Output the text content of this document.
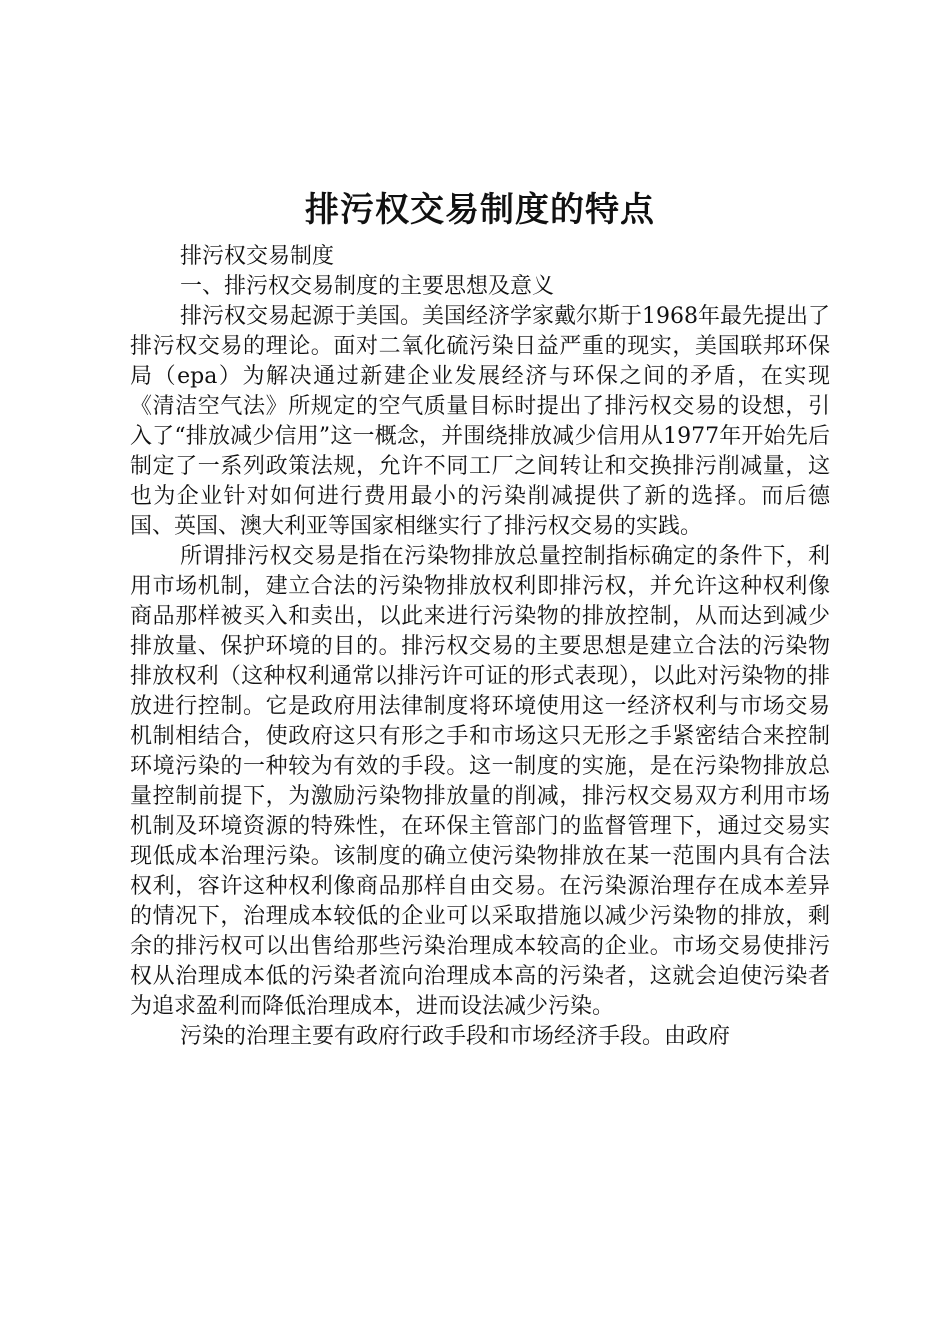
排污权交易制度的特点

排污权交易制度

一、排污权交易制度的主要思想及意义

排污权交易起源于美国。美国经济学家戴尔斯于1968年最先提出了排污权交易的理论。面对二氧化硫污染日益严重的现实，美国联邦环保局（epa）为解决通过新建企业发展经济与环保之间的矛盾，在实现《清洁空气法》所规定的空气质量目标时提出了排污权交易的设想，引入了“排放减少信用”这一概念，并围绕排放减少信用从1977年开始先后制定了一系列政策法规，允许不同工厂之间转让和交换排污削减量，这也为企业针对如何进行费用最小的污染削减提供了新的选择。而后德国、英国、澳大利亚等国家相继实行了排污权交易的实践。

所谓排污权交易是指在污染物排放总量控制指标确定的条件下，利用市场机制，建立合法的污染物排放权利即排污权，并允许这种权利像商品那样被买入和卖出，以此来进行污染物的排放控制，从而达到减少排放量、保护环境的目的。排污权交易的主要思想是建立合法的污染物排放权利（这种权利通常以排污许可证的形式表现），以此对污染物的排放进行控制。它是政府用法律制度将环境使用这一经济权利与市场交易机制相结合，使政府这只有形之手和市场这只无形之手紧密结合来控制环境污染的一种较为有效的手段。这一制度的实施，是在污染物排放总量控制前提下，为激励污染物排放量的削减，排污权交易双方利用市场机制及环境资源的特殊性，在环保主管部门的监督管理下，通过交易实现低成本治理污染。该制度的确立使污染物排放在某一范围内具有合法权利，容许这种权利像商品那样自由交易。在污染源治理存在成本差异的情况下，治理成本较低的企业可以采取措施以减少污染物的排放，剩余的排污权可以出售给那些污染治理成本较高的企业。市场交易使排污权从治理成本低的污染者流向治理成本高的污染者，这就会迫使污染者为追求盈利而降低治理成本，进而设法减少污染。

污染的治理主要有政府行政手段和市场经济手段。由政府
